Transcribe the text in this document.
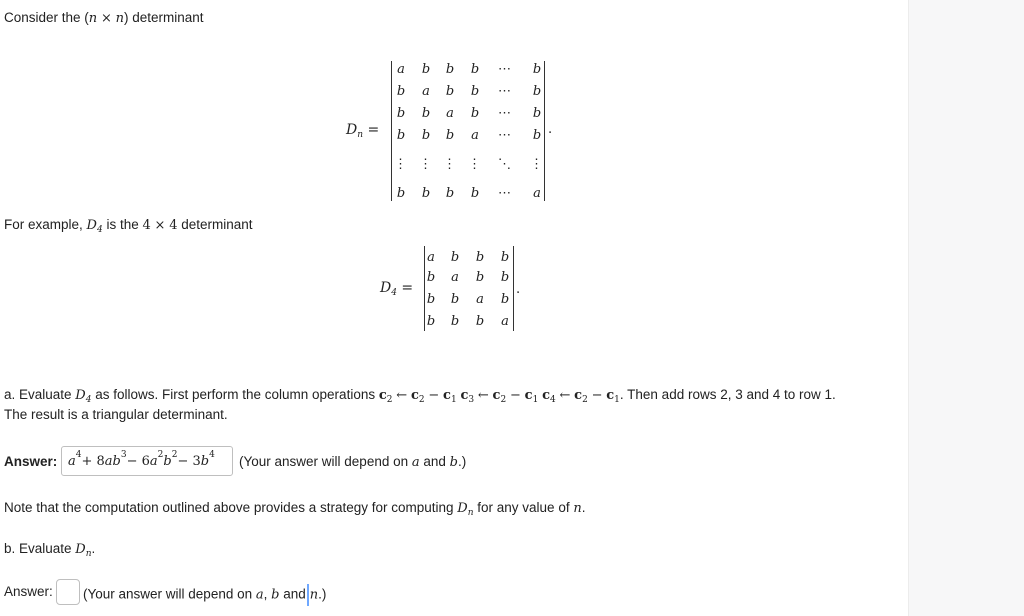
Consider the (n × n) determinant
$D_n$ =
a	b b b ⋯ b
b	a	b b ⋯ b
b b	a	b ⋯ b
b b b	a	⋯ b
⋮ ⋮ ⋮ ⋮ ⋱ ⋮
b b b b ⋯	a
.
For example, $D_4$ is the 4 × 4 determinant
$D_4$ =
a	b b b
b	a	b b
b b	a	b
b b b	a
.
a. Evaluate $D_4$ as follows. First perform the column operations $c_2$ ← $c_2 - c_1$ $c_3$ ← $c_2 - c_1$ $c_4$ ← $c_2 - c_1$. Then add rows 2, 3 and 4 to row 1.
The result is a triangular determinant.
Answer: a 4 + 8 ab 3 − 6 a 2 b 2 − 3 b 4 (Your answer will depend on a and b.)
Note that the computation outlined above provides a strategy for computing $D_n$ for any value of n.
b. Evaluate $D_n$.
Answer: (Your answer will depend on a, b and n.)
